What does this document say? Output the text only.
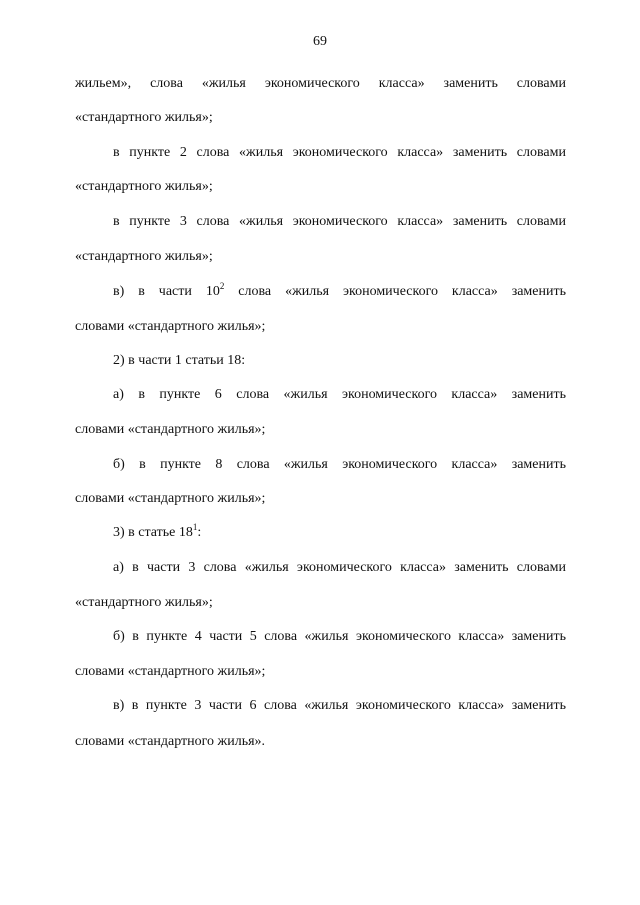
69
жильем», слова «жилья экономического класса» заменить словами
«стандартного жилья»;
в пункте 2 слова «жилья экономического класса» заменить словами
«стандартного жилья»;
в пункте 3 слова «жилья экономического класса» заменить словами
«стандартного жилья»;
в) в части $10^2$ слова «жилья экономического класса» заменить
словами «стандартного жилья»;
2) в части 1 статьи 18:
а) в пункте 6 слова «жилья экономического класса» заменить
словами «стандартного жилья»;
б) в пункте 8 слова «жилья экономического класса» заменить
словами «стандартного жилья»;
3) в статье $18^1$:
а) в части 3 слова «жилья экономического класса» заменить словами
«стандартного жилья»;
б) в пункте 4 части 5 слова «жилья экономического класса» заменить
словами «стандартного жилья»;
в) в пункте 3 части 6 слова «жилья экономического класса» заменить
словами «стандартного жилья».
